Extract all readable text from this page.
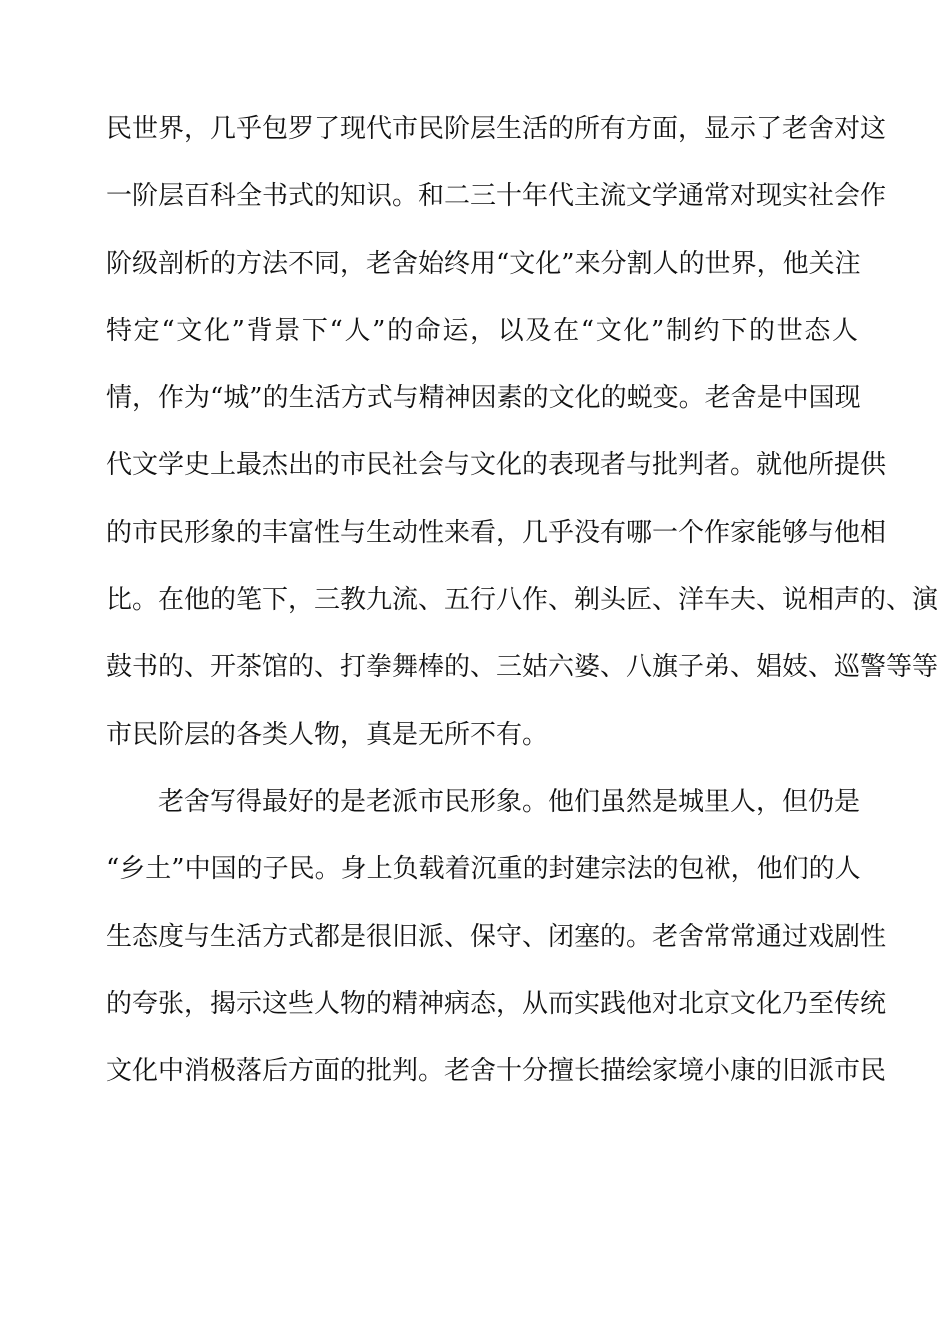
民世界，几乎包罗了现代市民阶层生活的所有方面，显示了老舍对这
一阶层百科全书式的知识。和二三十年代主流文学通常对现实社会作
阶级剖析的方法不同，老舍始终用“文化”来分割人的世界，他关注
特定“文化”背景下“人”的命运，以及在“文化”制约下的世态人
情，作为“城”的生活方式与精神因素的文化的蜕变。老舍是中国现
代文学史上最杰出的市民社会与文化的表现者与批判者。就他所提供
的市民形象的丰富性与生动性来看，几乎没有哪一个作家能够与他相
比。在他的笔下，三教九流、五行八作、剃头匠、洋车夫、说相声的、演
鼓书的、开茶馆的、打拳舞棒的、三姑六婆、八旗子弟、娼妓、巡警等等
市民阶层的各类人物，真是无所不有。
老舍写得最好的是老派市民形象。他们虽然是城里人，但仍是
“乡土”中国的子民。身上负载着沉重的封建宗法的包袱，他们的人
生态度与生活方式都是很旧派、保守、闭塞的。老舍常常通过戏剧性
的夸张，揭示这些人物的精神病态，从而实践他对北京文化乃至传统
文化中消极落后方面的批判。老舍十分擅长描绘家境小康的旧派市民
